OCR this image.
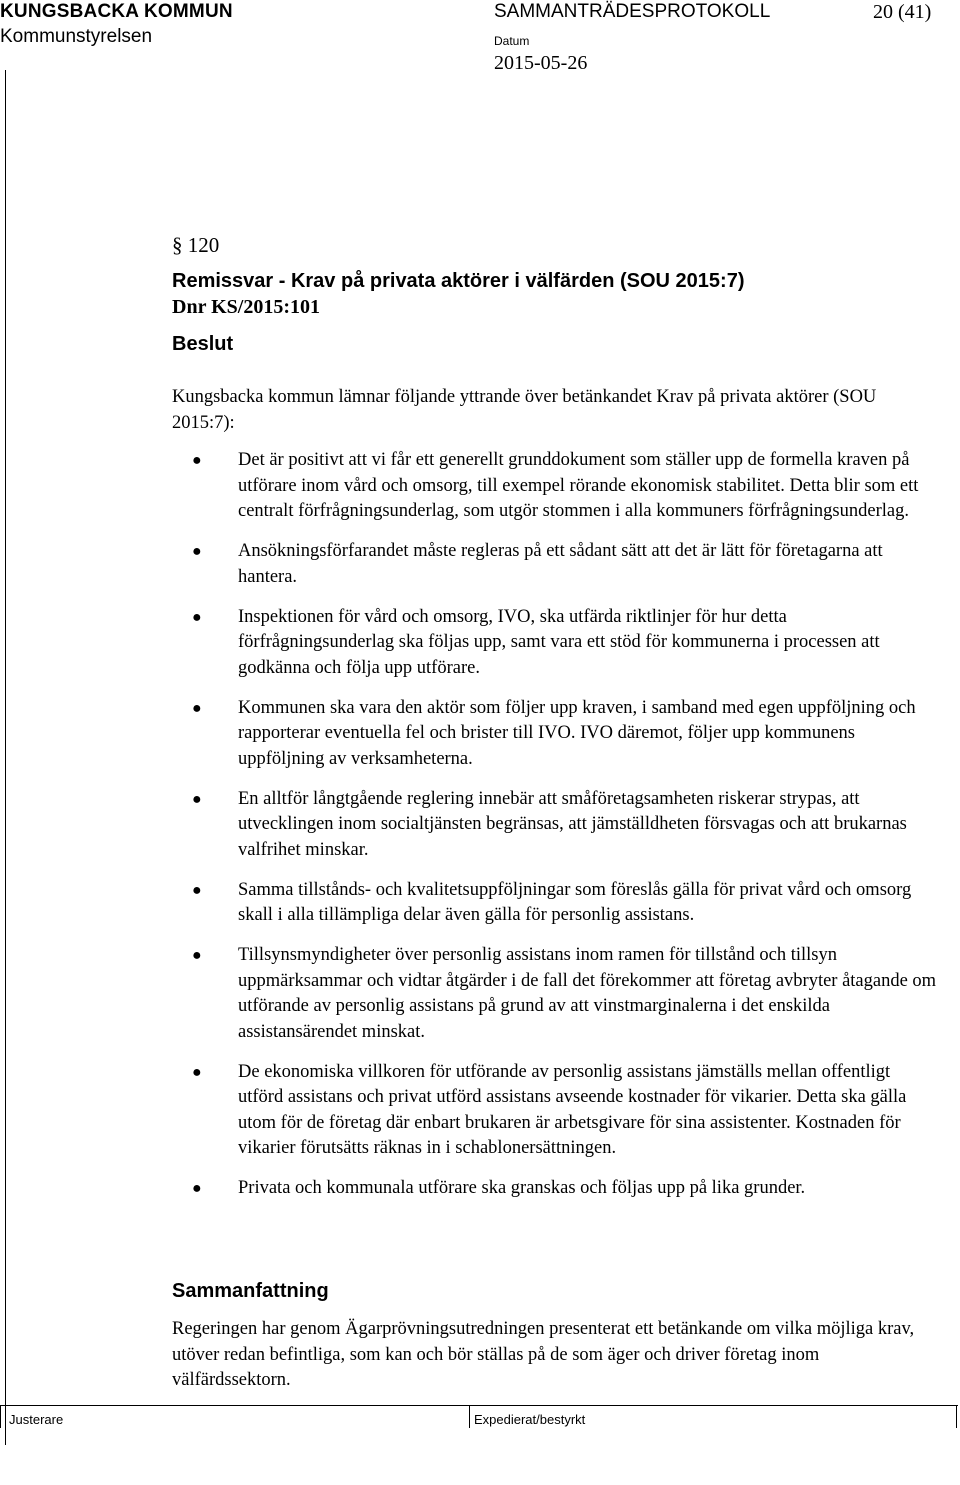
KUNGSBACKA KOMMUN
Kommunstyrelsen
SAMMANTRÄDESPROTOKOLL	20 (41)
Datum
2015-05-26
§ 120
Remissvar - Krav på privata aktörer i välfärden (SOU 2015:7)
Dnr KS/2015:101
Beslut

Kungsbacka kommun lämnar följande yttrande över betänkandet Krav på privata aktörer (SOU 2015:7):

● Det är positivt att vi får ett generellt grunddokument som ställer upp de formella kraven på utförare inom vård och omsorg, till exempel rörande ekonomisk stabilitet. Detta blir som ett centralt förfrågningsunderlag, som utgör stommen i alla kommuners förfrågningsunderlag.
● Ansökningsförfarandet måste regleras på ett sådant sätt att det är lätt för företagarna att hantera.
● Inspektionen för vård och omsorg, IVO, ska utfärda riktlinjer för hur detta förfrågningsunderlag ska följas upp, samt vara ett stöd för kommunerna i processen att godkänna och följa upp utförare.
● Kommunen ska vara den aktör som följer upp kraven, i samband med egen uppföljning och rapporterar eventuella fel och brister till IVO. IVO däremot, följer upp kommunens uppföljning av verksamheterna.
● En alltför långtgående reglering innebär att småföretagsamheten riskerar strypas, att utvecklingen inom socialtjänsten begränsas, att jämställdheten försvagas och att brukarnas valfrihet minskar.
● Samma tillstånds- och kvalitetsuppföljningar som föreslås gälla för privat vård och omsorg skall i alla tillämpliga delar även gälla för personlig assistans.
● Tillsynsmyndigheter över personlig assistans inom ramen för tillstånd och tillsyn uppmärksammar och vidtar åtgärder i de fall det förekommer att företag avbryter åtagande om utförande av personlig assistans på grund av att vinstmarginalerna i det enskilda assistansärendet minskat.
● De ekonomiska villkoren för utförande av personlig assistans jämställs mellan offentligt utförd assistans och privat utförd assistans avseende kostnader för vikarier. Detta ska gälla utom för de företag där enbart brukaren är arbetsgivare för sina assistenter. Kostnaden för vikarier förutsätts räknas in i schablonersättningen.
● Privata och kommunala utförare ska granskas och följas upp på lika grunder.
Sammanfattning

Regeringen har genom Ägarprövningsutredningen presenterat ett betänkande om vilka möjliga krav, utöver redan befintliga, som kan och bör ställas på de som äger och driver företag inom välfärdssektorn.

Justerare	Expedierat/bestyrkt
